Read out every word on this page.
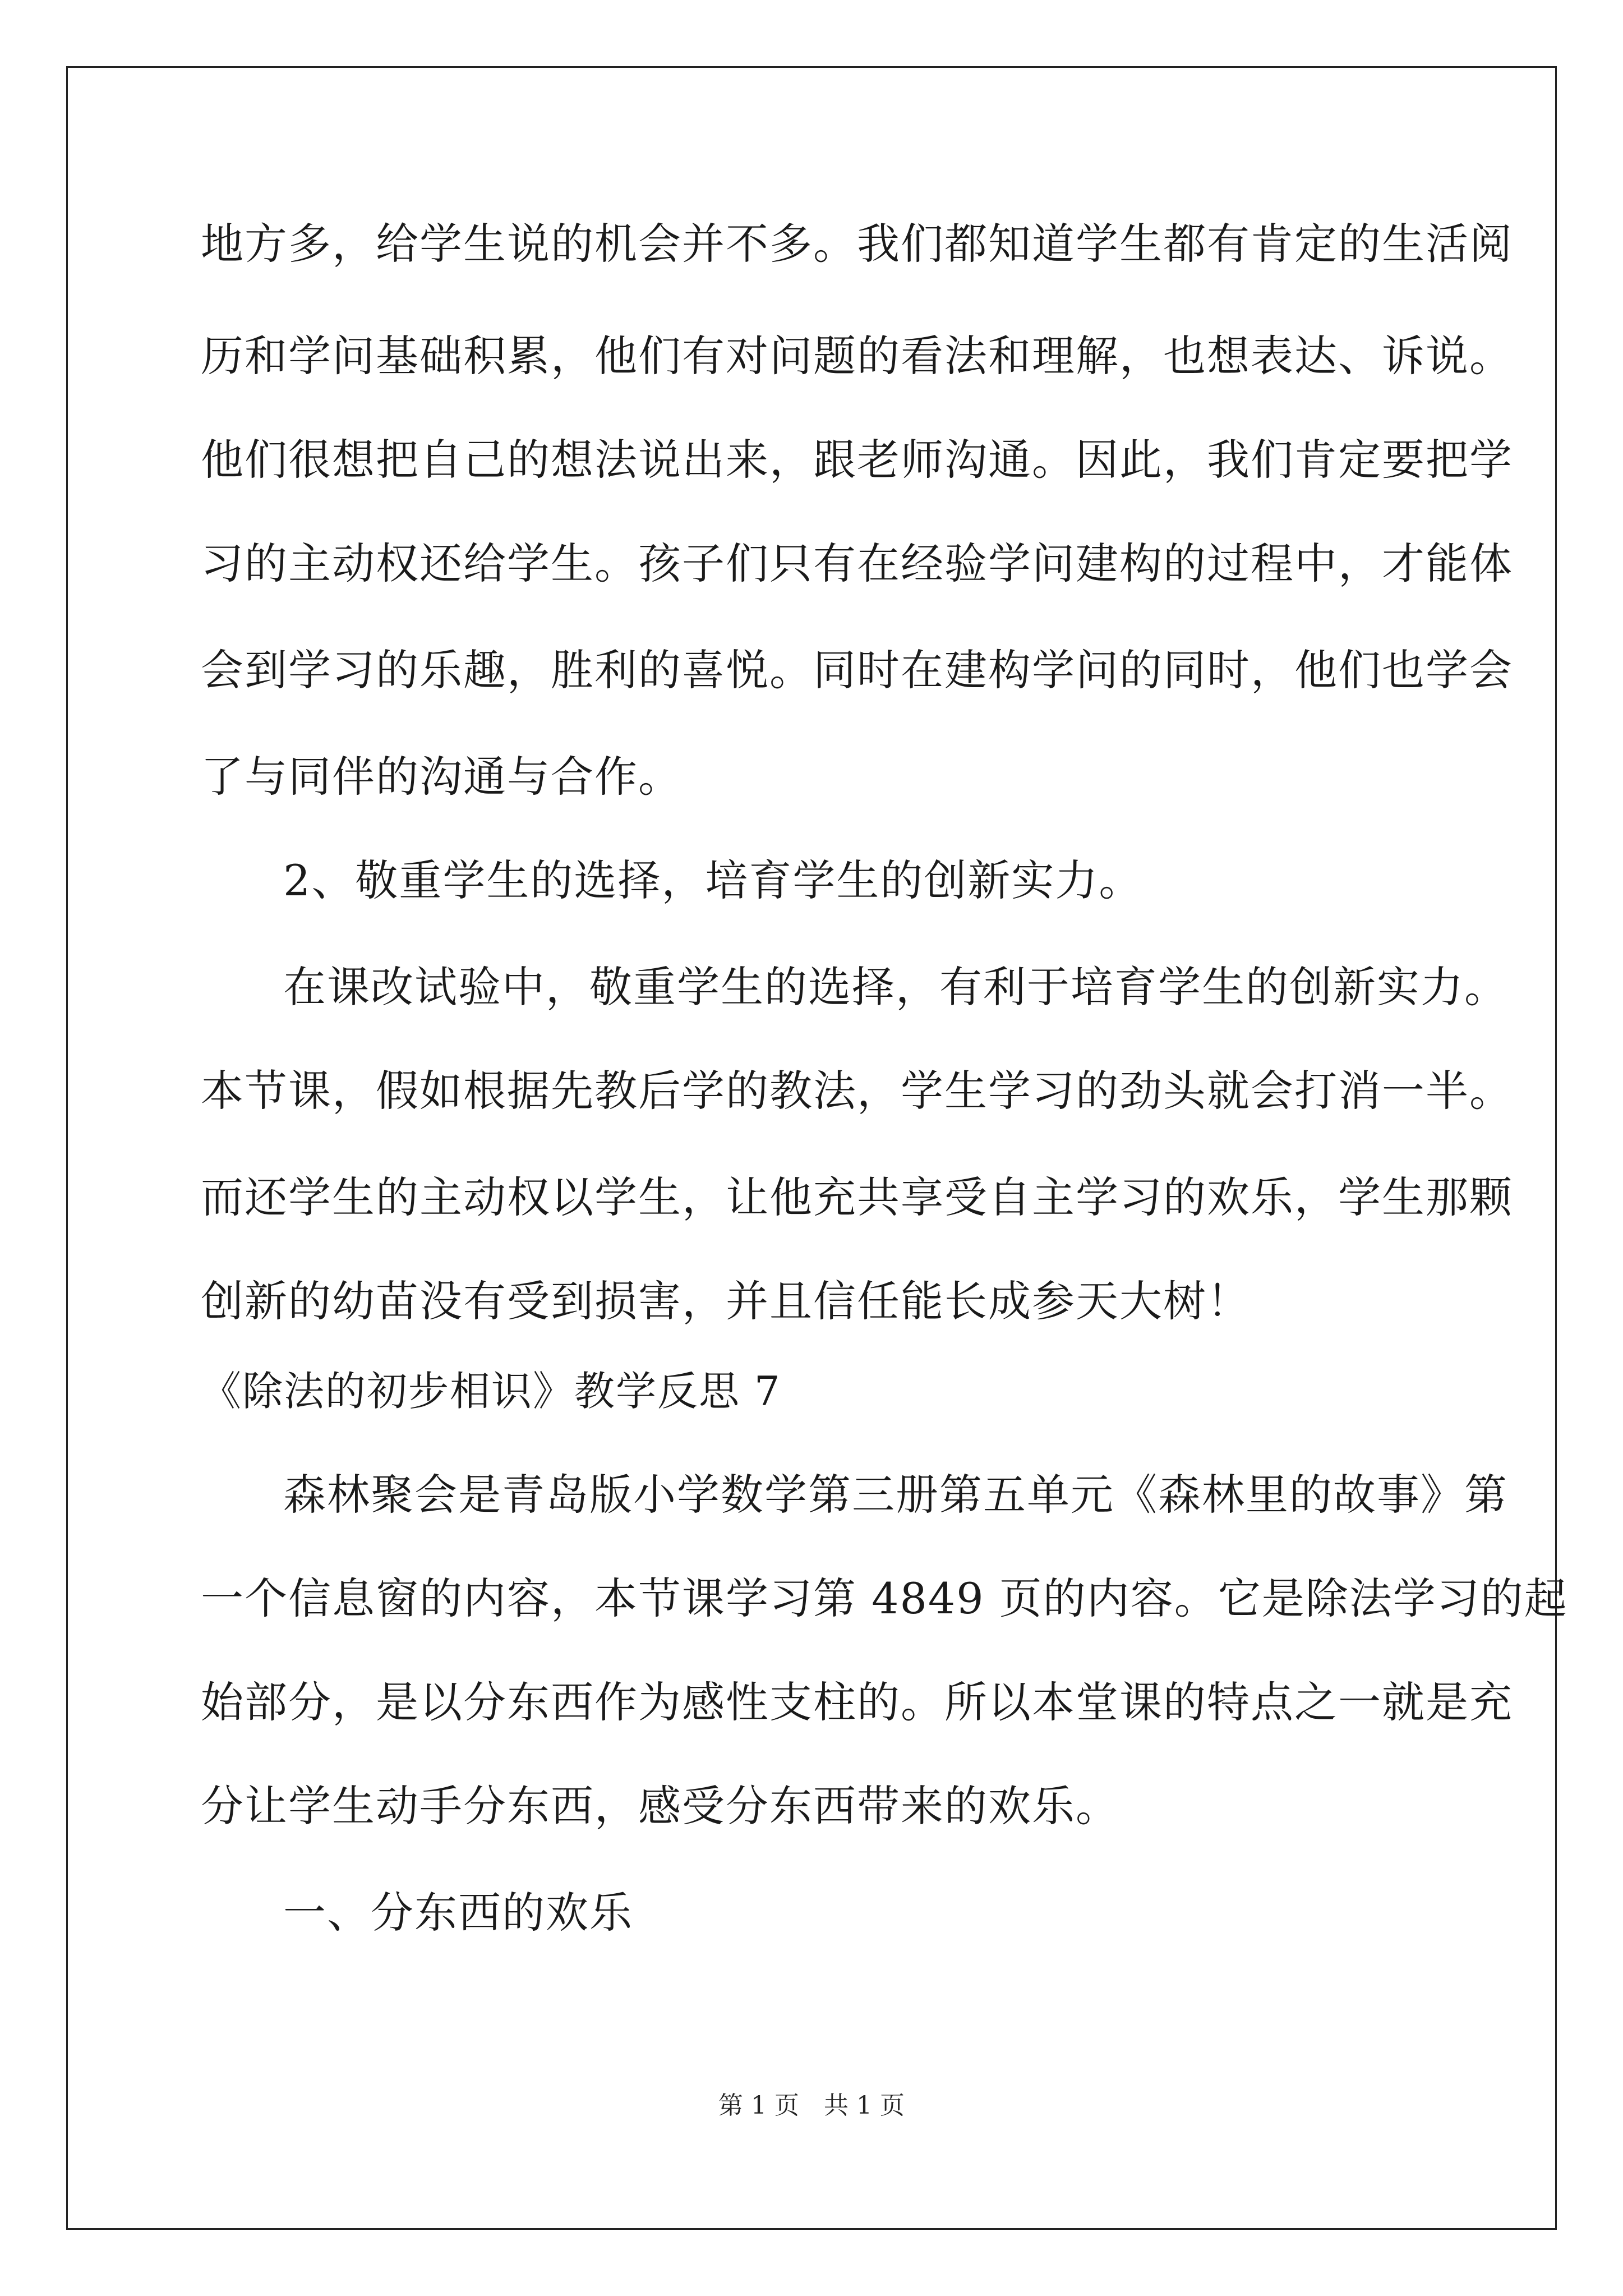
地方多，给学生说的机会并不多。我们都知道学生都有肯定的生活阅
历和学问基础积累，他们有对问题的看法和理解，也想表达、诉说。
他们很想把自己的想法说出来，跟老师沟通。因此，我们肯定要把学
习的主动权还给学生。孩子们只有在经验学问建构的过程中，才能体
会到学习的乐趣，胜利的喜悦。同时在建构学问的同时，他们也学会
了与同伴的沟通与合作。
2、敬重学生的选择，培育学生的创新实力。
在课改试验中，敬重学生的选择，有利于培育学生的创新实力。
本节课，假如根据先教后学的教法，学生学习的劲头就会打消一半。
而还学生的主动权以学生，让他充共享受自主学习的欢乐，学生那颗
创新的幼苗没有受到损害，并且信任能长成参天大树！
《除法的初步相识》教学反思 7
森林聚会是青岛版小学数学第三册第五单元《森林里的故事》第
一个信息窗的内容，本节课学习第 4849 页的内容。它是除法学习的起
始部分，是以分东西作为感性支柱的。所以本堂课的特点之一就是充
分让学生动手分东西，感受分东西带来的欢乐。
一、分东西的欢乐
第 1 页　共 1 页
